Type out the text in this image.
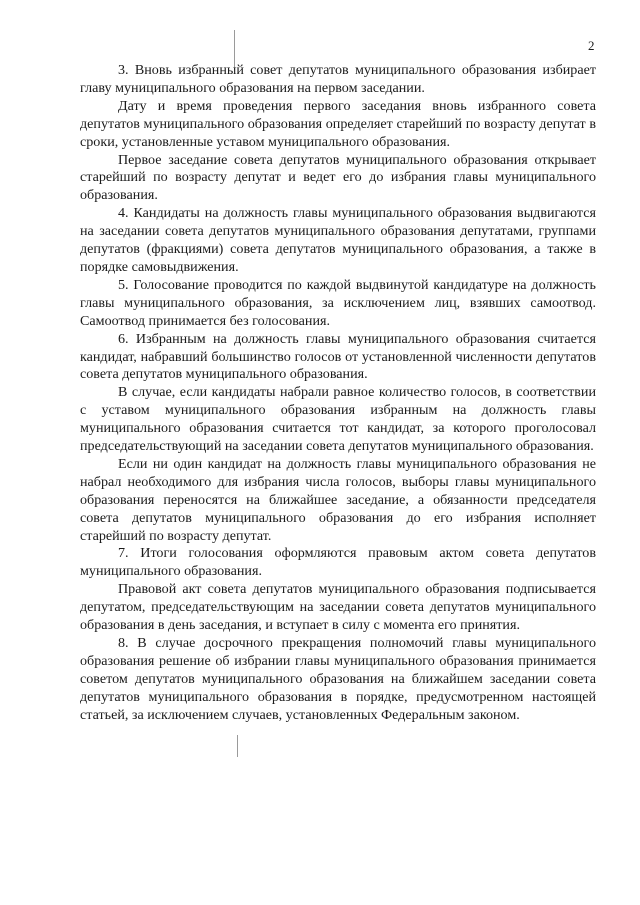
2

3. Вновь избранный совет депутатов муниципального образования избирает главу муниципального образования на первом заседании.

Дату и время проведения первого заседания вновь избранного совета депутатов муниципального образования определяет старейший по возрасту депутат в сроки, установленные уставом муниципального образования.

Первое заседание совета депутатов муниципального образования открывает старейший по возрасту депутат и ведет его до избрания главы муниципального образования.

4. Кандидаты на должность главы муниципального образования выдвигаются на заседании совета депутатов муниципального образования депутатами, группами депутатов (фракциями) совета депутатов муниципального образования, а также в порядке самовыдвижения.

5. Голосование проводится по каждой выдвинутой кандидатуре на должность главы муниципального образования, за исключением лиц, взявших самоотвод. Самоотвод принимается без голосования.

6. Избранным на должность главы муниципального образования считается кандидат, набравший большинство голосов от установленной численности депутатов совета депутатов муниципального образования.

В случае, если кандидаты набрали равное количество голосов, в соответствии с уставом муниципального образования избранным на должность главы муниципального образования считается тот кандидат, за которого проголосовал председательствующий на заседании совета депутатов муниципального образования.

Если ни один кандидат на должность главы муниципального образования не набрал необходимого для избрания числа голосов, выборы главы муниципального образования переносятся на ближайшее заседание, а обязанности председателя совета депутатов муниципального образования до его избрания исполняет старейший по возрасту депутат.

7. Итоги голосования оформляются правовым актом совета депутатов муниципального образования.

Правовой акт совета депутатов муниципального образования подписывается депутатом, председательствующим на заседании совета депутатов муниципального образования в день заседания, и вступает в силу с момента его принятия.

8. В случае досрочного прекращения полномочий главы муниципального образования решение об избрании главы муниципального образования принимается советом депутатов муниципального образования на ближайшем заседании совета депутатов муниципального образования в порядке, предусмотренном настоящей статьей, за исключением случаев, установленных Федеральным законом.
